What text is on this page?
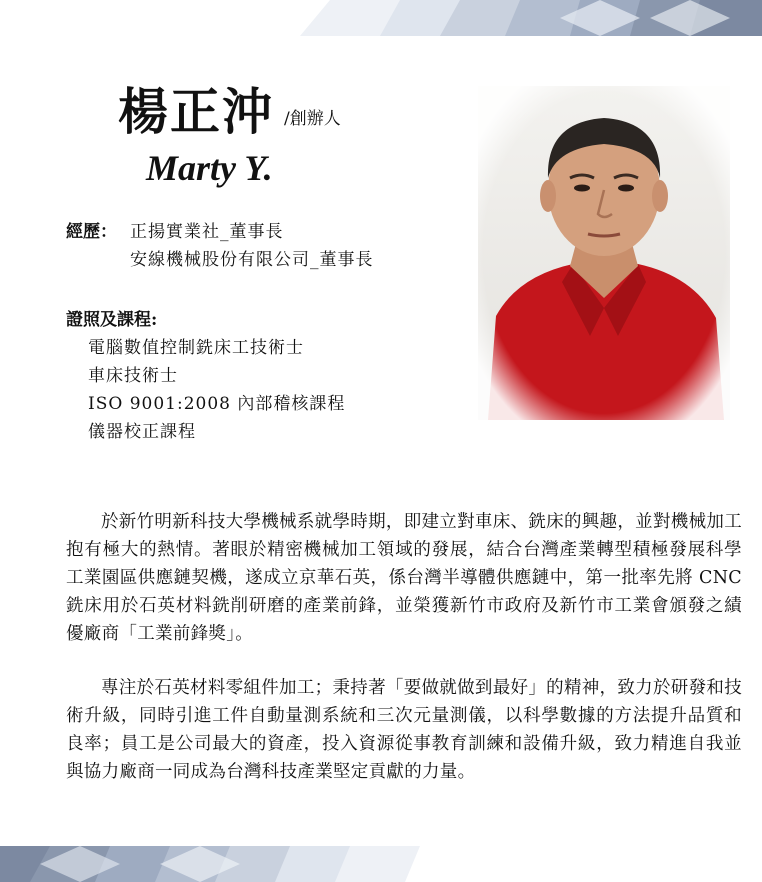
楊正沖 /創辦人
Marty Y.
經歷： 正揚實業社_董事長
安線機械股份有限公司_董事長
證照及課程:
電腦數值控制銑床工技術士
車床技術士
ISO 9001:2008 內部稽核課程
儀器校正課程
於新竹明新科技大學機械系就學時期，即建立對車床、銑床的興趣，並對機械加工抱有極大的熱情。著眼於精密機械加工領域的發展，結合台灣產業轉型積極發展科學工業園區供應鏈契機，遂成立京華石英，係台灣半導體供應鏈中，第一批率先將 CNC 銑床用於石英材料銑削研磨的產業前鋒，並榮獲新竹市政府及新竹市工業會頒發之績優廠商「工業前鋒獎」。
專注於石英材料零組件加工；秉持著「要做就做到最好」的精神，致力於研發和技術升級，同時引進工件自動量測系統和三次元量測儀，以科學數據的方法提升品質和良率；員工是公司最大的資產，投入資源從事教育訓練和設備升級，致力精進自我並與協力廠商一同成為台灣科技產業堅定貢獻的力量。
